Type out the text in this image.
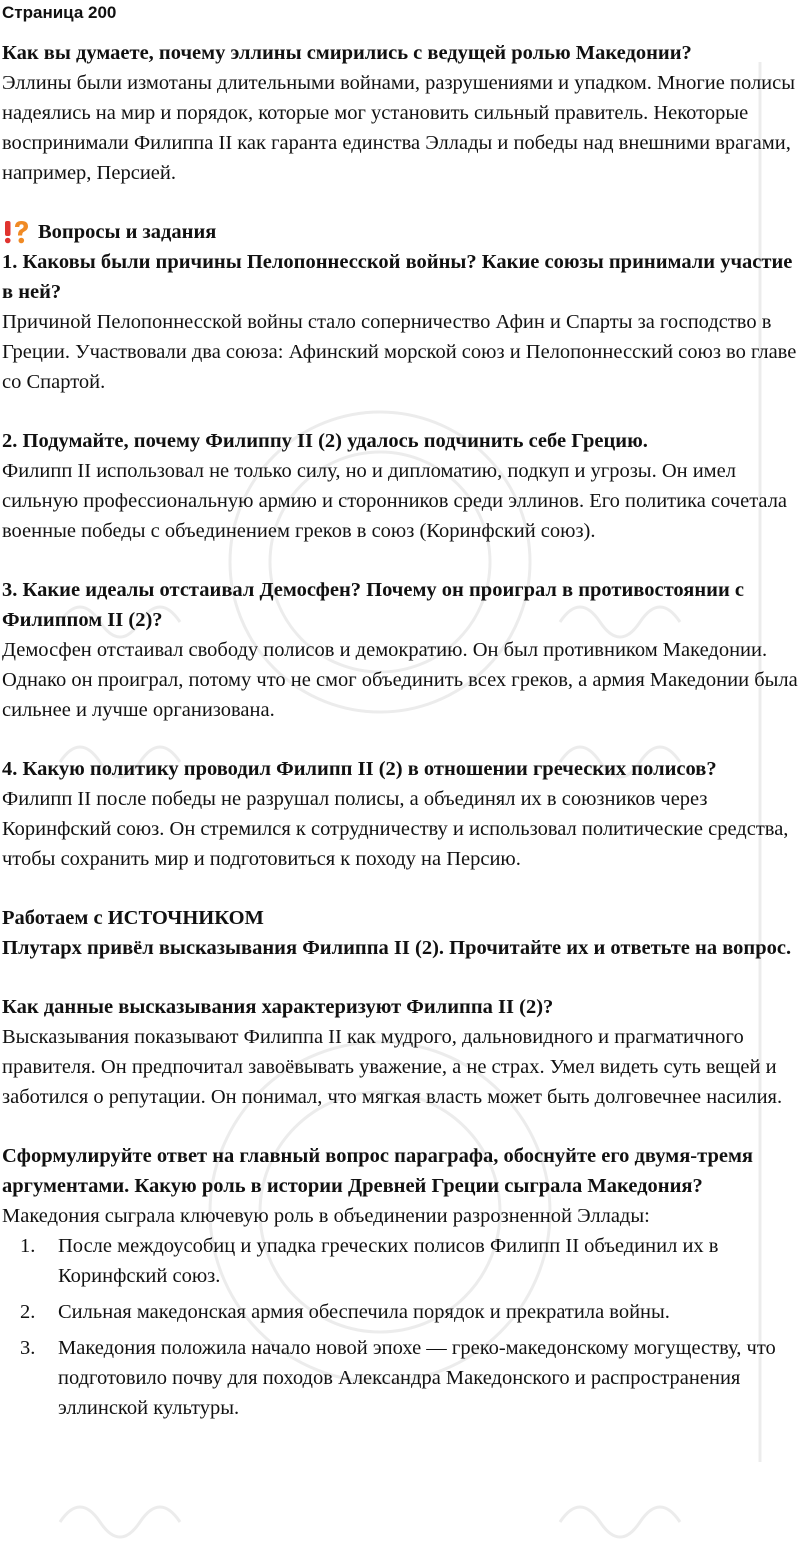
Страница 200

Как вы думаете, почему эллины смирились с ведущей ролью Македонии?

Эллины были измотаны длительными войнами, разрушениями и упадком. Многие полисы надеялись на мир и порядок, которые мог установить сильный правитель. Некоторые воспринимали Филиппа II как гаранта единства Эллады и победы над внешними врагами, например, Персией.

Вопросы и задания

1. Каковы были причины Пелопоннесской войны? Какие союзы принимали участие в ней?

Причиной Пелопоннесской войны стало соперничество Афин и Спарты за господство в Греции. Участвовали два союза: Афинский морской союз и Пелопоннесский союз во главе со Спартой.

2. Подумайте, почему Филиппу II (2) удалось подчинить себе Грецию.

Филипп II использовал не только силу, но и дипломатию, подкуп и угрозы. Он имел сильную профессиональную армию и сторонников среди эллинов. Его политика сочетала военные победы с объединением греков в союз (Коринфский союз).

3. Какие идеалы отстаивал Демосфен? Почему он проиграл в противостоянии с Филиппом II (2)?

Демосфен отстаивал свободу полисов и демократию. Он был противником Македонии. Однако он проиграл, потому что не смог объединить всех греков, а армия Македонии была сильнее и лучше организована.

4. Какую политику проводил Филипп II (2) в отношении греческих полисов?

Филипп II после победы не разрушал полисы, а объединял их в союзников через Коринфский союз. Он стремился к сотрудничеству и использовал политические средства, чтобы сохранить мир и подготовиться к походу на Персию.

Работаем с ИСТОЧНИКОМ

Плутарх привёл высказывания Филиппа II (2). Прочитайте их и ответьте на вопрос.

Как данные высказывания характеризуют Филиппа II (2)?

Высказывания показывают Филиппа II как мудрого, дальновидного и прагматичного правителя. Он предпочитал завоёвывать уважение, а не страх. Умел видеть суть вещей и заботился о репутации. Он понимал, что мягкая власть может быть долговечнее насилия.

Сформулируйте ответ на главный вопрос параграфа, обоснуйте его двумя-тремя аргументами. Какую роль в истории Древней Греции сыграла Македония?

Македония сыграла ключевую роль в объединении разрозненной Эллады:

1.	После междоусобиц и упадка греческих полисов Филипп II объединил их в Коринфский союз.
2.	Сильная македонская армия обеспечила порядок и прекратила войны.
3.	Македония положила начало новой эпохе — греко-македонскому могуществу, что подготовило почву для походов Александра Македонского и распространения эллинской культуры.
